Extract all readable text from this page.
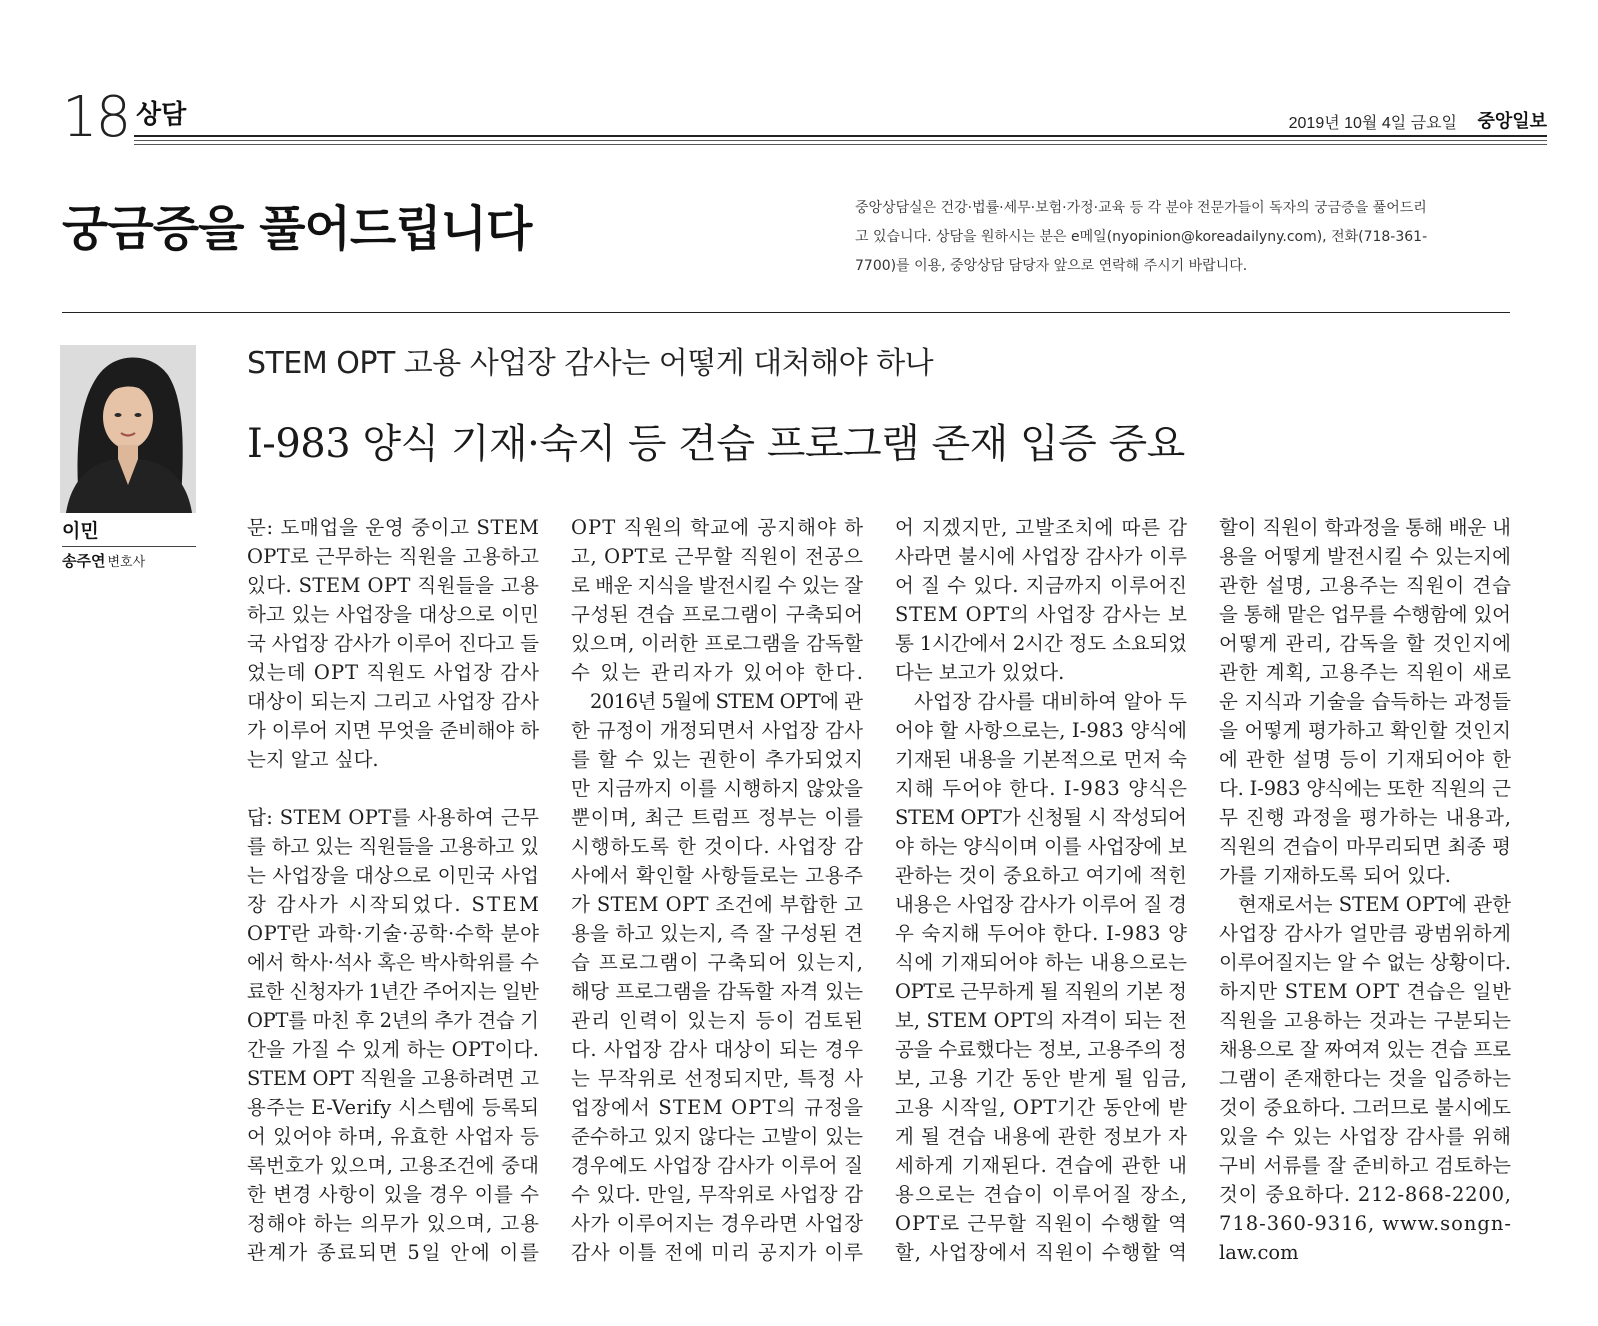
18 상담	2019년 10월 4일 금요일 중앙일보
궁금증을 풀어드립니다	중앙상담실은 건강·법률·세무·보험·가정·교육 등 각 분야 전문가들이 독자의 궁금증을 풀어드리
고 있습니다. 상담을 원하시는 분은 e메일(nyopinion@koreadailyny.com), 전화(718-361-
7700)를 이용, 중앙상담 담당자 앞으로 연락해 주시기 바랍니다.
이민
송주연 변호사
STEM OPT 고용 사업장 감사는 어떻게 대처해야 하나
I-983 양식 기재·숙지 등 견습 프로그램 존재 입증 중요
문: 도매업을 운영 중이고 STEM
OPT로 근무하는 직원을 고용하고
있다. STEM OPT 직원들을 고용
하고 있는 사업장을 대상으로 이민
국 사업장 감사가 이루어 진다고 들
었는데 OPT 직원도 사업장 감사
대상이 되는지 그리고 사업장 감사
가 이루어 지면 무엇을 준비해야 하
는지 알고 싶다.
답: STEM OPT를 사용하여 근무
를 하고 있는 직원들을 고용하고 있
는 사업장을 대상으로 이민국 사업
장 감사가 시작되었다. STEM
OPT란 과학·기술·공학·수학 분야
에서 학사·석사 혹은 박사학위를 수
료한 신청자가 1년간 주어지는 일반
OPT를 마친 후 2년의 추가 견습 기
간을 가질 수 있게 하는 OPT이다.
STEM OPT 직원을 고용하려면 고
용주는 E-Verify 시스템에 등록되
어 있어야 하며, 유효한 사업자 등
록번호가 있으며, 고용조건에 중대
한 변경 사항이 있을 경우 이를 수
정해야 하는 의무가 있으며, 고용
관계가 종료되면 5일 안에 이를
OPT 직원의 학교에 공지해야 하
고, OPT로 근무할 직원이 전공으
로 배운 지식을 발전시킬 수 있는 잘
구성된 견습 프로그램이 구축되어
있으며, 이러한 프로그램을 감독할
수 있는 관리자가 있어야 한다.
2016년 5월에 STEM OPT에 관
한 규정이 개정되면서 사업장 감사
를 할 수 있는 권한이 추가되었지
만 지금까지 이를 시행하지 않았을
뿐이며, 최근 트럼프 정부는 이를
시행하도록 한 것이다. 사업장 감
사에서 확인할 사항들로는 고용주
가 STEM OPT 조건에 부합한 고
용을 하고 있는지, 즉 잘 구성된 견
습 프로그램이 구축되어 있는지,
해당 프로그램을 감독할 자격 있는
관리 인력이 있는지 등이 검토된
다. 사업장 감사 대상이 되는 경우
는 무작위로 선정되지만, 특정 사
업장에서 STEM OPT의 규정을
준수하고 있지 않다는 고발이 있는
경우에도 사업장 감사가 이루어 질
수 있다. 만일, 무작위로 사업장 감
사가 이루어지는 경우라면 사업장
감사 이틀 전에 미리 공지가 이루
어 지겠지만, 고발조치에 따른 감
사라면 불시에 사업장 감사가 이루
어 질 수 있다. 지금까지 이루어진
STEM OPT의 사업장 감사는 보
통 1시간에서 2시간 정도 소요되었
다는 보고가 있었다.
사업장 감사를 대비하여 알아 두
어야 할 사항으로는, I-983 양식에
기재된 내용을 기본적으로 먼저 숙
지해 두어야 한다. I-983 양식은
STEM OPT가 신청될 시 작성되어
야 하는 양식이며 이를 사업장에 보
관하는 것이 중요하고 여기에 적힌
내용은 사업장 감사가 이루어 질 경
우 숙지해 두어야 한다. I-983 양
식에 기재되어야 하는 내용으로는
OPT로 근무하게 될 직원의 기본 정
보, STEM OPT의 자격이 되는 전
공을 수료했다는 정보, 고용주의 정
보, 고용 기간 동안 받게 될 임금,
고용 시작일, OPT기간 동안에 받
게 될 견습 내용에 관한 정보가 자
세하게 기재된다. 견습에 관한 내
용으로는 견습이 이루어질 장소,
OPT로 근무할 직원이 수행할 역
할, 사업장에서 직원이 수행할 역
할이 직원이 학과정을 통해 배운 내
용을 어떻게 발전시킬 수 있는지에
관한 설명, 고용주는 직원이 견습
을 통해 맡은 업무를 수행함에 있어
어떻게 관리, 감독을 할 것인지에
관한 계획, 고용주는 직원이 새로
운 지식과 기술을 습득하는 과정들
을 어떻게 평가하고 확인할 것인지
에 관한 설명 등이 기재되어야 한
다. I-983 양식에는 또한 직원의 근
무 진행 과정을 평가하는 내용과,
직원의 견습이 마무리되면 최종 평
가를 기재하도록 되어 있다.
현재로서는 STEM OPT에 관한
사업장 감사가 얼만큼 광범위하게
이루어질지는 알 수 없는 상황이다.
하지만 STEM OPT 견습은 일반
직원을 고용하는 것과는 구분되는
채용으로 잘 짜여져 있는 견습 프로
그램이 존재한다는 것을 입증하는
것이 중요하다. 그러므로 불시에도
있을 수 있는 사업장 감사를 위해
구비 서류를 잘 준비하고 검토하는
것이 중요하다. 212-868-2200,
718-360-9316, www.songn-
law.com
